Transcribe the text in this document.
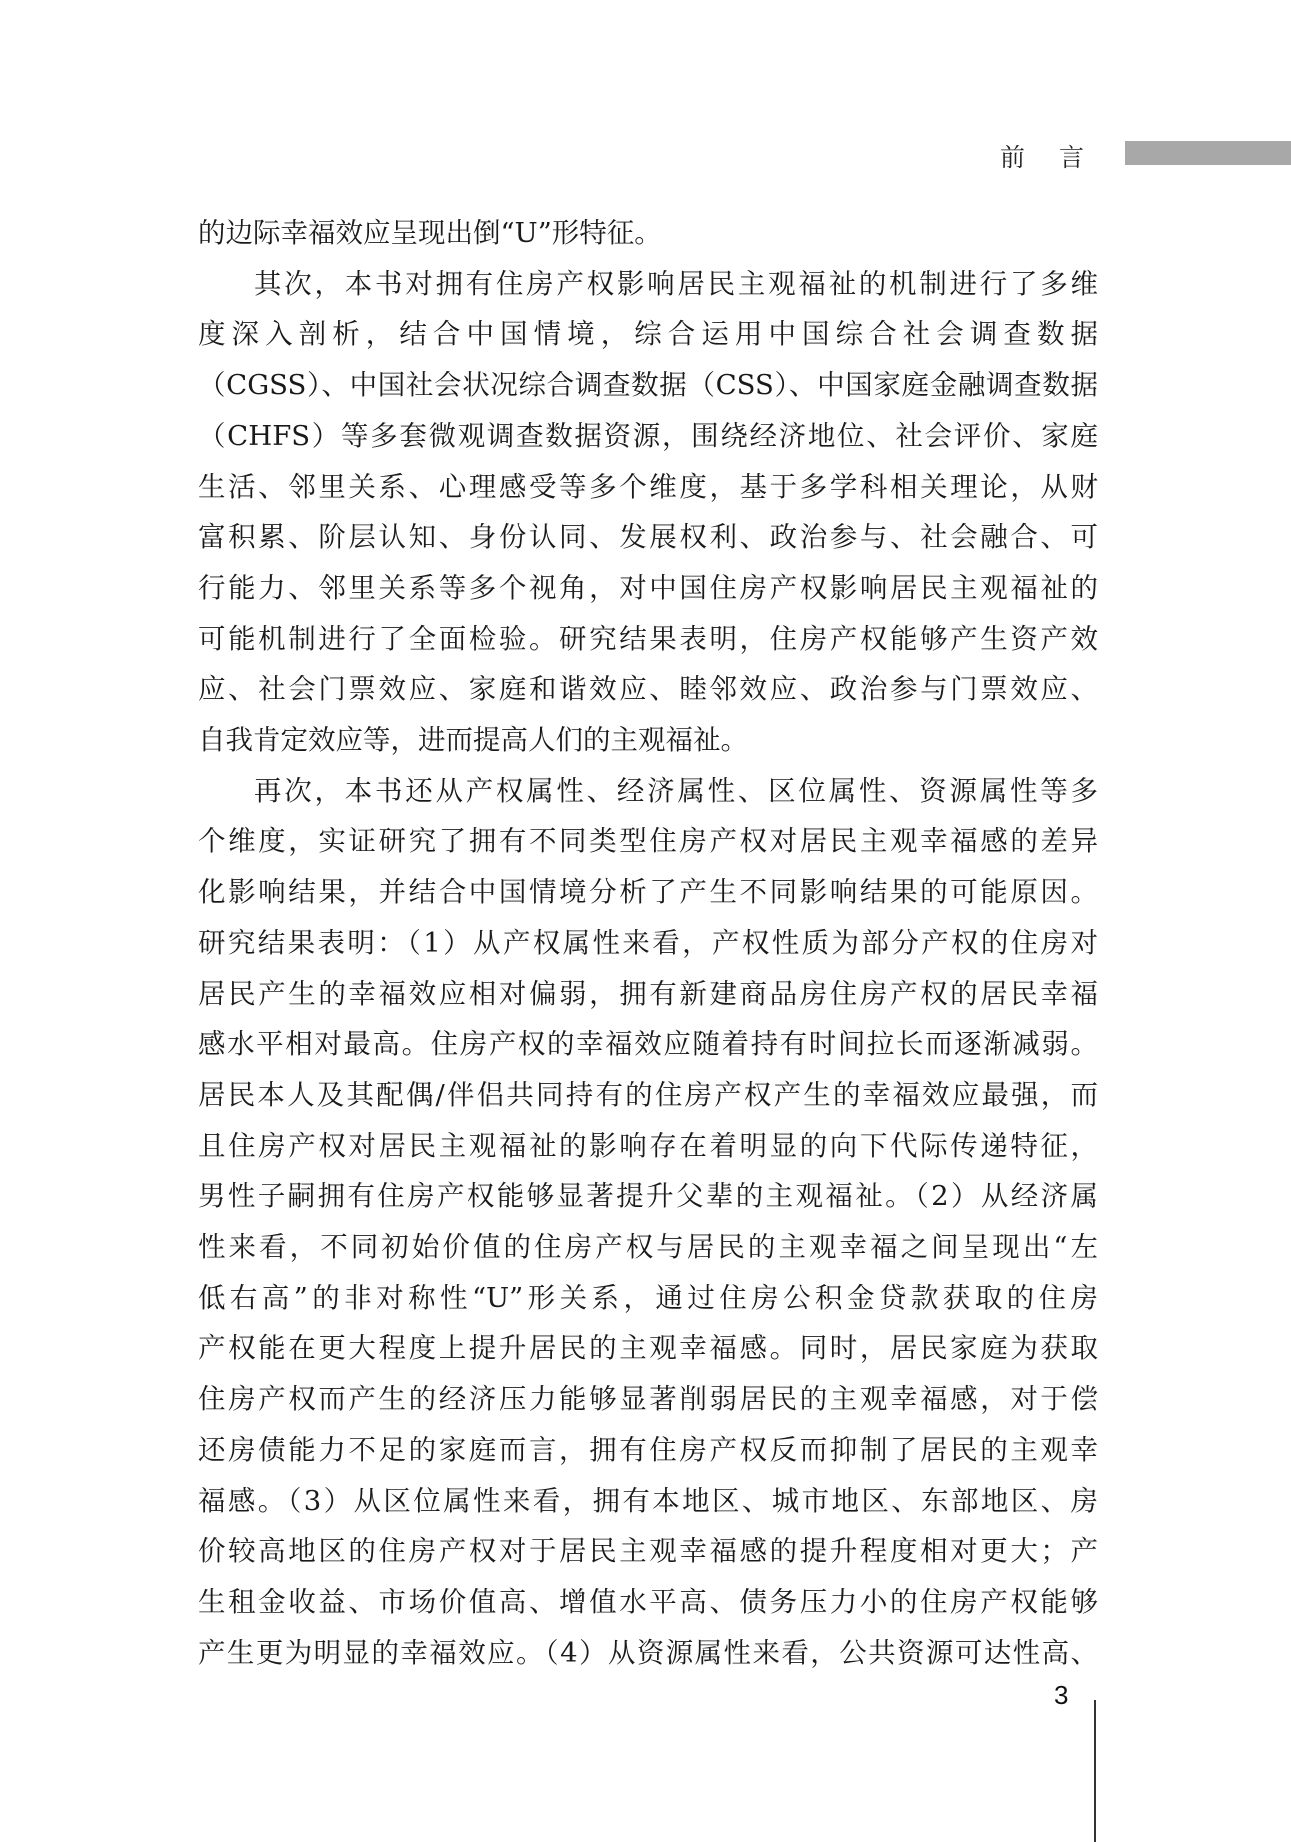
前言
的边际幸福效应呈现出倒“U”形特征。
其次，本书对拥有住房产权影响居民主观福祉的机制进行了多维
度深入剖析，结合中国情境，综合运用中国综合社会调查数据
（CGSS）、中国社会状况综合调查数据（CSS）、中国家庭金融调查数据
（CHFS）等多套微观调查数据资源，围绕经济地位、社会评价、家庭
生活、邻里关系、心理感受等多个维度，基于多学科相关理论，从财
富积累、阶层认知、身份认同、发展权利、政治参与、社会融合、可
行能力、邻里关系等多个视角，对中国住房产权影响居民主观福祉的
可能机制进行了全面检验。研究结果表明，住房产权能够产生资产效
应、社会门票效应、家庭和谐效应、睦邻效应、政治参与门票效应、
自我肯定效应等，进而提高人们的主观福祉。
再次，本书还从产权属性、经济属性、区位属性、资源属性等多
个维度，实证研究了拥有不同类型住房产权对居民主观幸福感的差异
化影响结果，并结合中国情境分析了产生不同影响结果的可能原因。
研究结果表明：（1）从产权属性来看，产权性质为部分产权的住房对
居民产生的幸福效应相对偏弱，拥有新建商品房住房产权的居民幸福
感水平相对最高。住房产权的幸福效应随着持有时间拉长而逐渐减弱。
居民本人及其配偶/伴侣共同持有的住房产权产生的幸福效应最强，而
且住房产权对居民主观福祉的影响存在着明显的向下代际传递特征，
男性子嗣拥有住房产权能够显著提升父辈的主观福祉。（2）从经济属
性来看，不同初始价值的住房产权与居民的主观幸福之间呈现出“左
低右高”的非对称性“U”形关系，通过住房公积金贷款获取的住房
产权能在更大程度上提升居民的主观幸福感。同时，居民家庭为获取
住房产权而产生的经济压力能够显著削弱居民的主观幸福感，对于偿
还房债能力不足的家庭而言，拥有住房产权反而抑制了居民的主观幸
福感。（3）从区位属性来看，拥有本地区、城市地区、东部地区、房
价较高地区的住房产权对于居民主观幸福感的提升程度相对更大；产
生租金收益、市场价值高、增值水平高、债务压力小的住房产权能够
产生更为明显的幸福效应。（4）从资源属性来看，公共资源可达性高、
3
